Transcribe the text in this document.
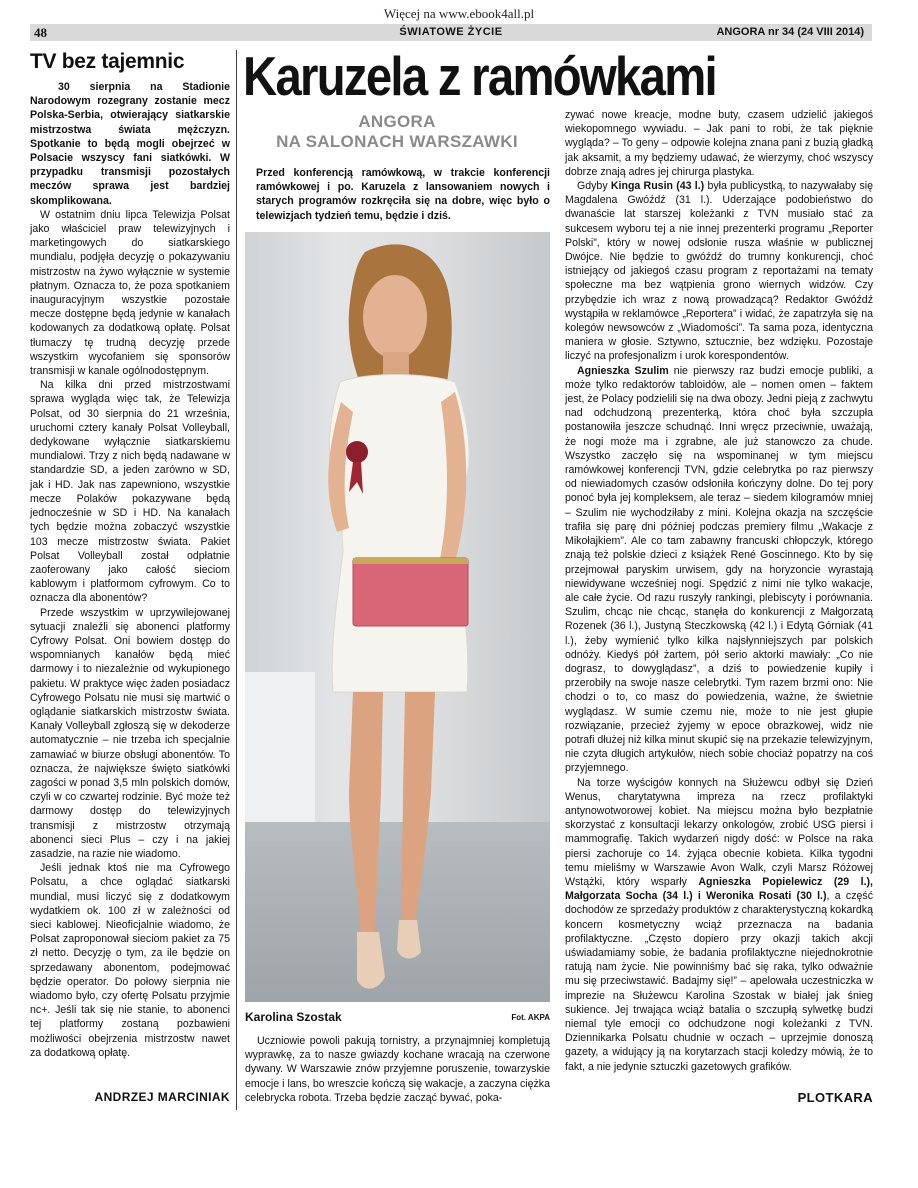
Więcej na www.ebook4all.pl
48	ŚWIATOWE ŻYCIE	ANGORA nr 34 (24 VIII 2014)
TV bez tajemnic

30 sierpnia na Stadionie Narodowym rozegrany zostanie mecz Polska-Serbia, otwierający siatkarskie mistrzostwa świata mężczyzn. Spotkanie to będą mogli obejrzeć w Polsacie wszyscy fani siatkówki. W przypadku transmisji pozostałych meczów sprawa jest bardziej skomplikowana.

W ostatnim dniu lipca Telewizja Polsat jako właściciel praw telewizyjnych i marketingowych do siatkarskiego mundialu, podjęła decyzję o pokazywaniu mistrzostw na żywo wyłącznie w systemie płatnym. Oznacza to, że poza spotkaniem inauguracyjnym wszystkie pozostałe mecze dostępne będą jedynie w kanałach kodowanych za dodatkową opłatę. Polsat tłumaczy tę trudną decyzję przede wszystkim wycofaniem się sponsorów transmisji w kanale ogólnodostępnym.

Na kilka dni przed mistrzostwami sprawa wygląda więc tak, że Telewizja Polsat, od 30 sierpnia do 21 września, uruchomi cztery kanały Polsat Volleyball, dedykowane wyłącznie siatkarskiemu mundialowi. Trzy z nich będą nadawane w standardzie SD, a jeden zarówno w SD, jak i HD. Jak nas zapewniono, wszystkie mecze Polaków pokazywane będą jednocześnie w SD i HD. Na kanałach tych będzie można zobaczyć wszystkie 103 mecze mistrzostw świata. Pakiet Polsat Volleyball został odpłatnie zaoferowany jako całość sieciom kablowym i platformom cyfrowym. Co to oznacza dla abonentów?

Przede wszystkim w uprzywilejowanej sytuacji znaleźli się abonenci platformy Cyfrowy Polsat. Oni bowiem dostęp do wspomnianych kanałów będą mieć darmowy i to niezależnie od wykupionego pakietu. W praktyce więc żaden posiadacz Cyfrowego Polsatu nie musi się martwić o oglądanie siatkarskich mistrzostw świata. Kanały Volleyball zgłoszą się w dekoderze automatycznie – nie trzeba ich specjalnie zamawiać w biurze obsługi abonentów. To oznacza, że największe święto siatkówki zagości w ponad 3,5 mln polskich domów, czyli w co czwartej rodzinie. Być może też darmowy dostęp do telewizyjnych transmisji z mistrzostw otrzymają abonenci sieci Plus – czy i na jakiej zasadzie, na razie nie wiadomo.

Jeśli jednak ktoś nie ma Cyfrowego Polsatu, a chce oglądać siatkarski mundial, musi liczyć się z dodatkowym wydatkiem ok. 100 zł w zależności od sieci kablowej. Nieoficjalnie wiadomo, że Polsat zaproponował sieciom pakiet za 75 zł netto. Decyzję o tym, za ile będzie on sprzedawany abonentom, podejmować będzie operator. Do połowy sierpnia nie wiadomo było, czy ofertę Polsatu przyjmie nc+. Jeśli tak się nie stanie, to abonenci tej platformy zostaną pozbawieni możliwości obejrzenia mistrzostw nawet za dodatkową opłatę.

ANDRZEJ MARCINIAK
Karuzela z ramówkami
ANGORA
NA SALONACH WARSZAWKI

Przed konferencją ramówkową, w trakcie konferencji ramówkowej i po. Karuzela z lansowaniem nowych i starych programów rozkręciła się na dobre, więc było o telewizjach tydzień temu, będzie i dziś.

Karolina Szostak	Fot. AKPA

Uczniowie powoli pakują tornistry, a przynajmniej kompletują wyprawkę, za to nasze gwiazdy kochane wracają na czerwone dywany. W Warszawie znów przyjemne poruszenie, towarzyskie emocje i lans, bo wreszcie kończą się wakacje, a zaczyna ciężka celebrycka robota. Trzeba będzie zacząć bywać, poka-

zywać nowe kreacje, modne buty, czasem udzielić jakiegoś wiekopomnego wywiadu. – Jak pani to robi, że tak pięknie wygląda? – To geny – odpowie kolejna znana pani z buzią gładką jak aksamit, a my będziemy udawać, że wierzymy, choć wszyscy dobrze znają adres jej chirurga plastyka.

Gdyby Kinga Rusin (43 l.) była publicystką, to nazywałaby się Magdalena Gwóźdź (31 l.). Uderzające podobieństwo do dwanaście lat starszej koleżanki z TVN musiało stać za sukcesem wyboru tej a nie innej prezenterki programu „Reporter Polski”, który w nowej odsłonie rusza właśnie w publicznej Dwójce. Nie będzie to gwóźdź do trumny konkurencji, choć istniejący od jakiegoś czasu program z reportażami na tematy społeczne ma bez wątpienia grono wiernych widzów. Czy przybędzie ich wraz z nową prowadzącą? Redaktor Gwóźdź wystąpiła w reklamówce „Reportera” i widać, że zapatrzyła się na kolegów newsowców z „Wiadomości”. Ta sama poza, identyczna maniera w głosie. Sztywno, sztucznie, bez wdzięku. Pozostaje liczyć na profesjonalizm i urok korespondentów.

Agnieszka Szulim nie pierwszy raz budzi emocje publiki, a może tylko redaktorów tabloidów, ale – nomen omen – faktem jest, że Polacy podzielili się na dwa obozy. Jedni pieją z zachwytu nad odchudzoną prezenterką, która choć była szczupła postanowiła jeszcze schudnąć. Inni wręcz przeciwnie, uważają, że nogi może ma i zgrabne, ale już stanowczo za chude. Wszystko zaczęło się na wspominanej w tym miejscu ramówkowej konferencji TVN, gdzie celebrytka po raz pierwszy od niewiadomych czasów odsłoniła kończyny dolne. Do tej pory ponoć była jej kompleksem, ale teraz – siedem kilogramów mniej – Szulim nie wychodziłaby z mini. Kolejna okazja na szczęście trafiła się parę dni później podczas premiery filmu „Wakacje z Mikołajkiem”. Ale co tam zabawny francuski chłopczyk, którego znają też polskie dzieci z książek René Goscinnego. Kto by się przejmował paryskim urwisem, gdy na horyzoncie wyrastają niewidywane wcześniej nogi. Spędzić z nimi nie tylko wakacje, ale całe życie. Od razu ruszyły rankingi, plebiscyty i porównania. Szulim, chcąc nie chcąc, stanęła do konkurencji z Małgorzatą Rozenek (36 l.), Justyną Steczkowską (42 l.) i Edytą Górniak (41 l.), żeby wymienić tylko kilka najsłynniejszych par polskich odnóży. Kiedyś pół żartem, pół serio aktorki mawiały: „Co nie dograsz, to dowyglądasz”, a dziś to powiedzenie kupiły i przerobiły na swoje nasze celebrytki. Tym razem brzmi ono: Nie chodzi o to, co masz do powiedzenia, ważne, że świetnie wyglądasz. W sumie czemu nie, może to nie jest głupie rozwiązanie, przecież żyjemy w epoce obrazkowej, widz nie potrafi dłużej niż kilka minut skupić się na przekazie telewizyjnym, nie czyta długich artykułów, niech sobie chociaż popatrzy na coś przyjemnego.

Na torze wyścigów konnych na Służewcu odbył się Dzień Wenus, charytatywna impreza na rzecz profilaktyki antynowotworowej kobiet. Na miejscu można było bezpłatnie skorzystać z konsultacji lekarzy onkologów, zrobić USG piersi i mammografię. Takich wydarzeń nigdy dość: w Polsce na raka piersi zachoruje co 14. żyjąca obecnie kobieta. Kilka tygodni temu mieliśmy w Warszawie Avon Walk, czyli Marsz Różowej Wstążki, który wsparły Agnieszka Popielewicz (29 l.), Małgorzata Socha (34 l.) i Weronika Rosati (30 l.), a część dochodów ze sprzedaży produktów z charakterystyczną kokardką koncern kosmetyczny wciąż przeznacza na badania profilaktyczne. „Często dopiero przy okazji takich akcji uświadamiamy sobie, że badania profilaktyczne niejednokrotnie ratują nam życie. Nie powinniśmy bać się raka, tylko odważnie mu się przeciwstawić. Badajmy się!” – apelowała uczestniczka w imprezie na Służewcu Karolina Szostak w białej jak śnieg sukience. Jej trwająca wciąż batalia o szczupłą sylwetkę budzi niemal tyle emocji co odchudzone nogi koleżanki z TVN. Dziennikarka Polsatu chudnie w oczach – uprzejmie donoszą gazety, a widujący ją na korytarzach stacji koledzy mówią, że to fakt, a nie jedynie sztuczki gazetowych grafików.

PLOTKARA
